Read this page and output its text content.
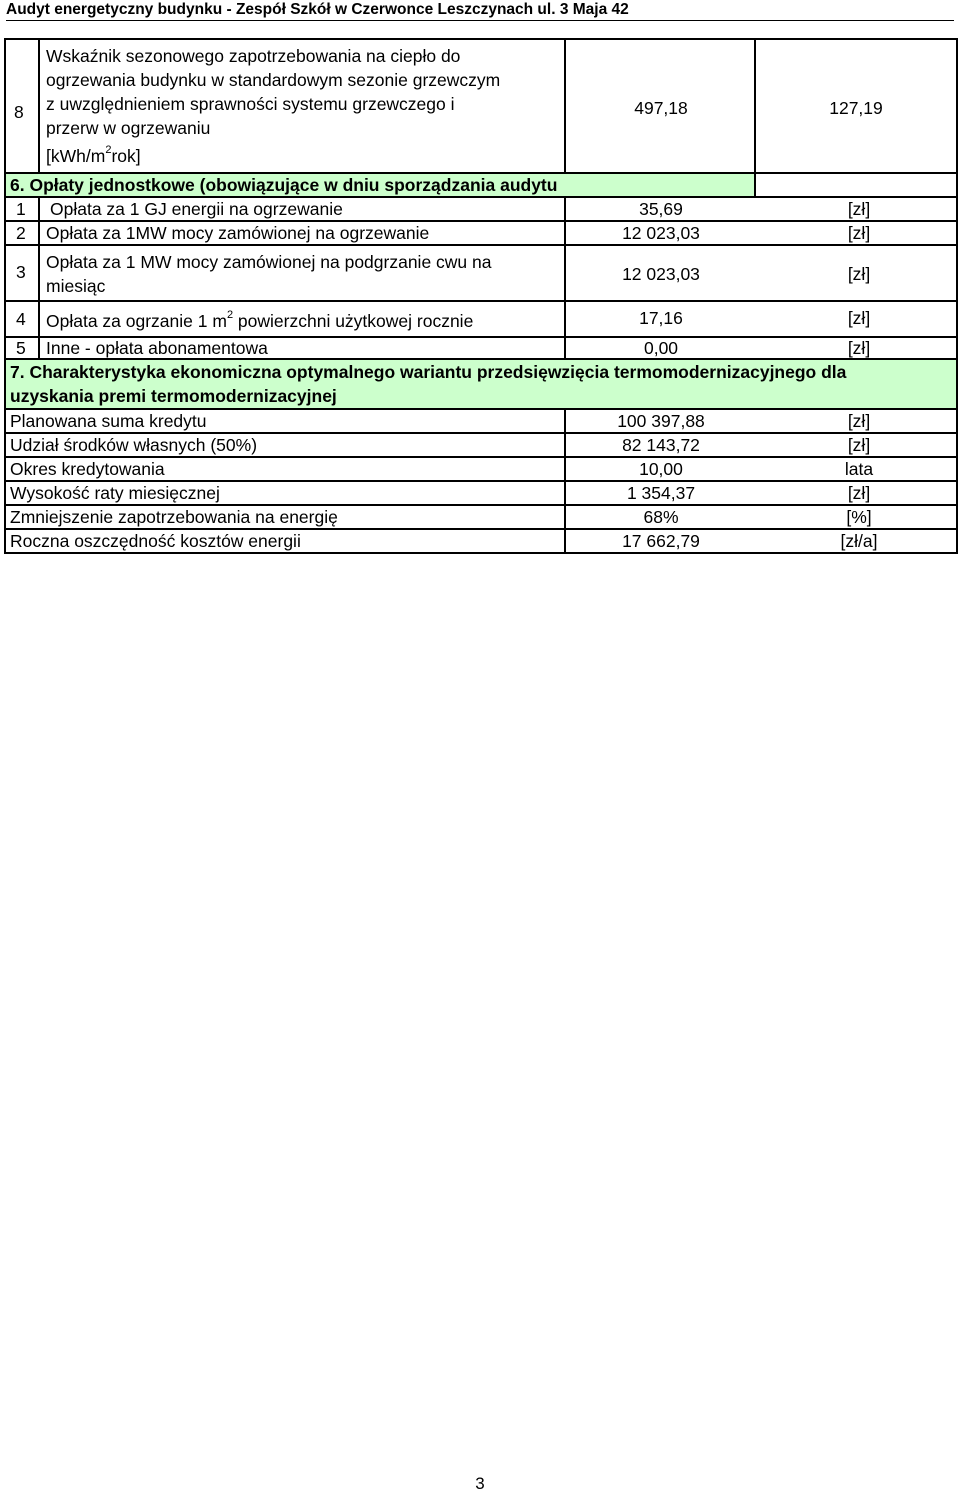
Audyt energetyczny budynku - Zespół Szkół w Czerwonce Leszczynach ul. 3 Maja 42
8
Wskaźnik sezonowego zapotrzebowania na ciepło do
ogrzewania budynku w standardowym sezonie grzewczym
z uwzględnieniem sprawności systemu grzewczego i
przerw w ogrzewaniu
$[kWh/m^2rok]$
497,18	127,19
6. Opłaty jednostkowe (obowiązujące w dniu sporządzania audytu
1 Opłata za 1 GJ energii na ogrzewanie	35,69	[zł]
2 Opłata za 1MW mocy zamówionej na ogrzewanie	12 023,03	[zł]
3 Opłata za 1 MW mocy zamówionej na podgrzanie cwu na
miesiąc
12 023,03	[zł]
4 Opłata za ogrzanie 1 $m^2$ powierzchni użytkowej rocznie	17,16	[zł]
5 Inne - opłata abonamentowa	0,00	[zł]
7. Charakterystyka ekonomiczna optymalnego wariantu przedsięwzięcia termomodernizacyjnego dla
uzyskania premi termomodernizacyjnej
Planowana suma kredytu	100 397,88	[zł]
Udział środków własnych (50%)	82 143,72	[zł]
Okres kredytowania	10,00	lata
Wysokość raty miesięcznej	1 354,37	[zł]
Zmniejszenie zapotrzebowania na energię	68%	[%]
Roczna oszczędność kosztów energii	17 662,79	[zł/a]
3
